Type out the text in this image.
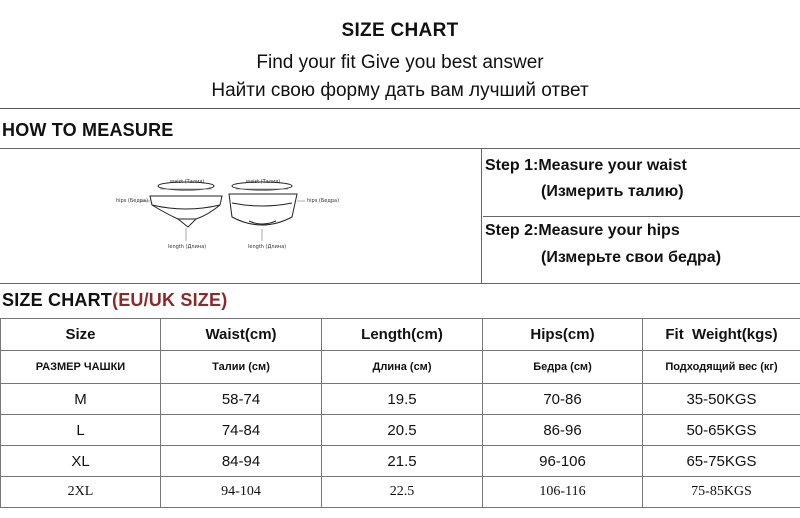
SIZE CHART
Find your fit Give you best answer
Найти свою форму дать вам лучший ответ
HOW TO MEASURE
waist (Талия)
hips (Бедра)
length (Длина)
waist (Талия)
hips (Бедра)
length (Длина)
Step 1:Measure your waist
(Измерить талию)
Step 2:Measure your hips
(Измерьте свои бедра)
SIZE CHART(EU/UK SIZE)
Size	Waist(cm)	Length(cm)	Hips(cm)	Fit  Weight(kgs)
РАЗМЕР ЧАШКИ	Талии (см)	Длина (см)	Бедра (см)	Подходящий вес (кг)
M	58-74	19.5	70-86	35-50KGS
L	74-84	20.5	86-96	50-65KGS
XL	84-94	21.5	96-106	65-75KGS
2XL	94-104	22.5	106-116	75-85KGS
